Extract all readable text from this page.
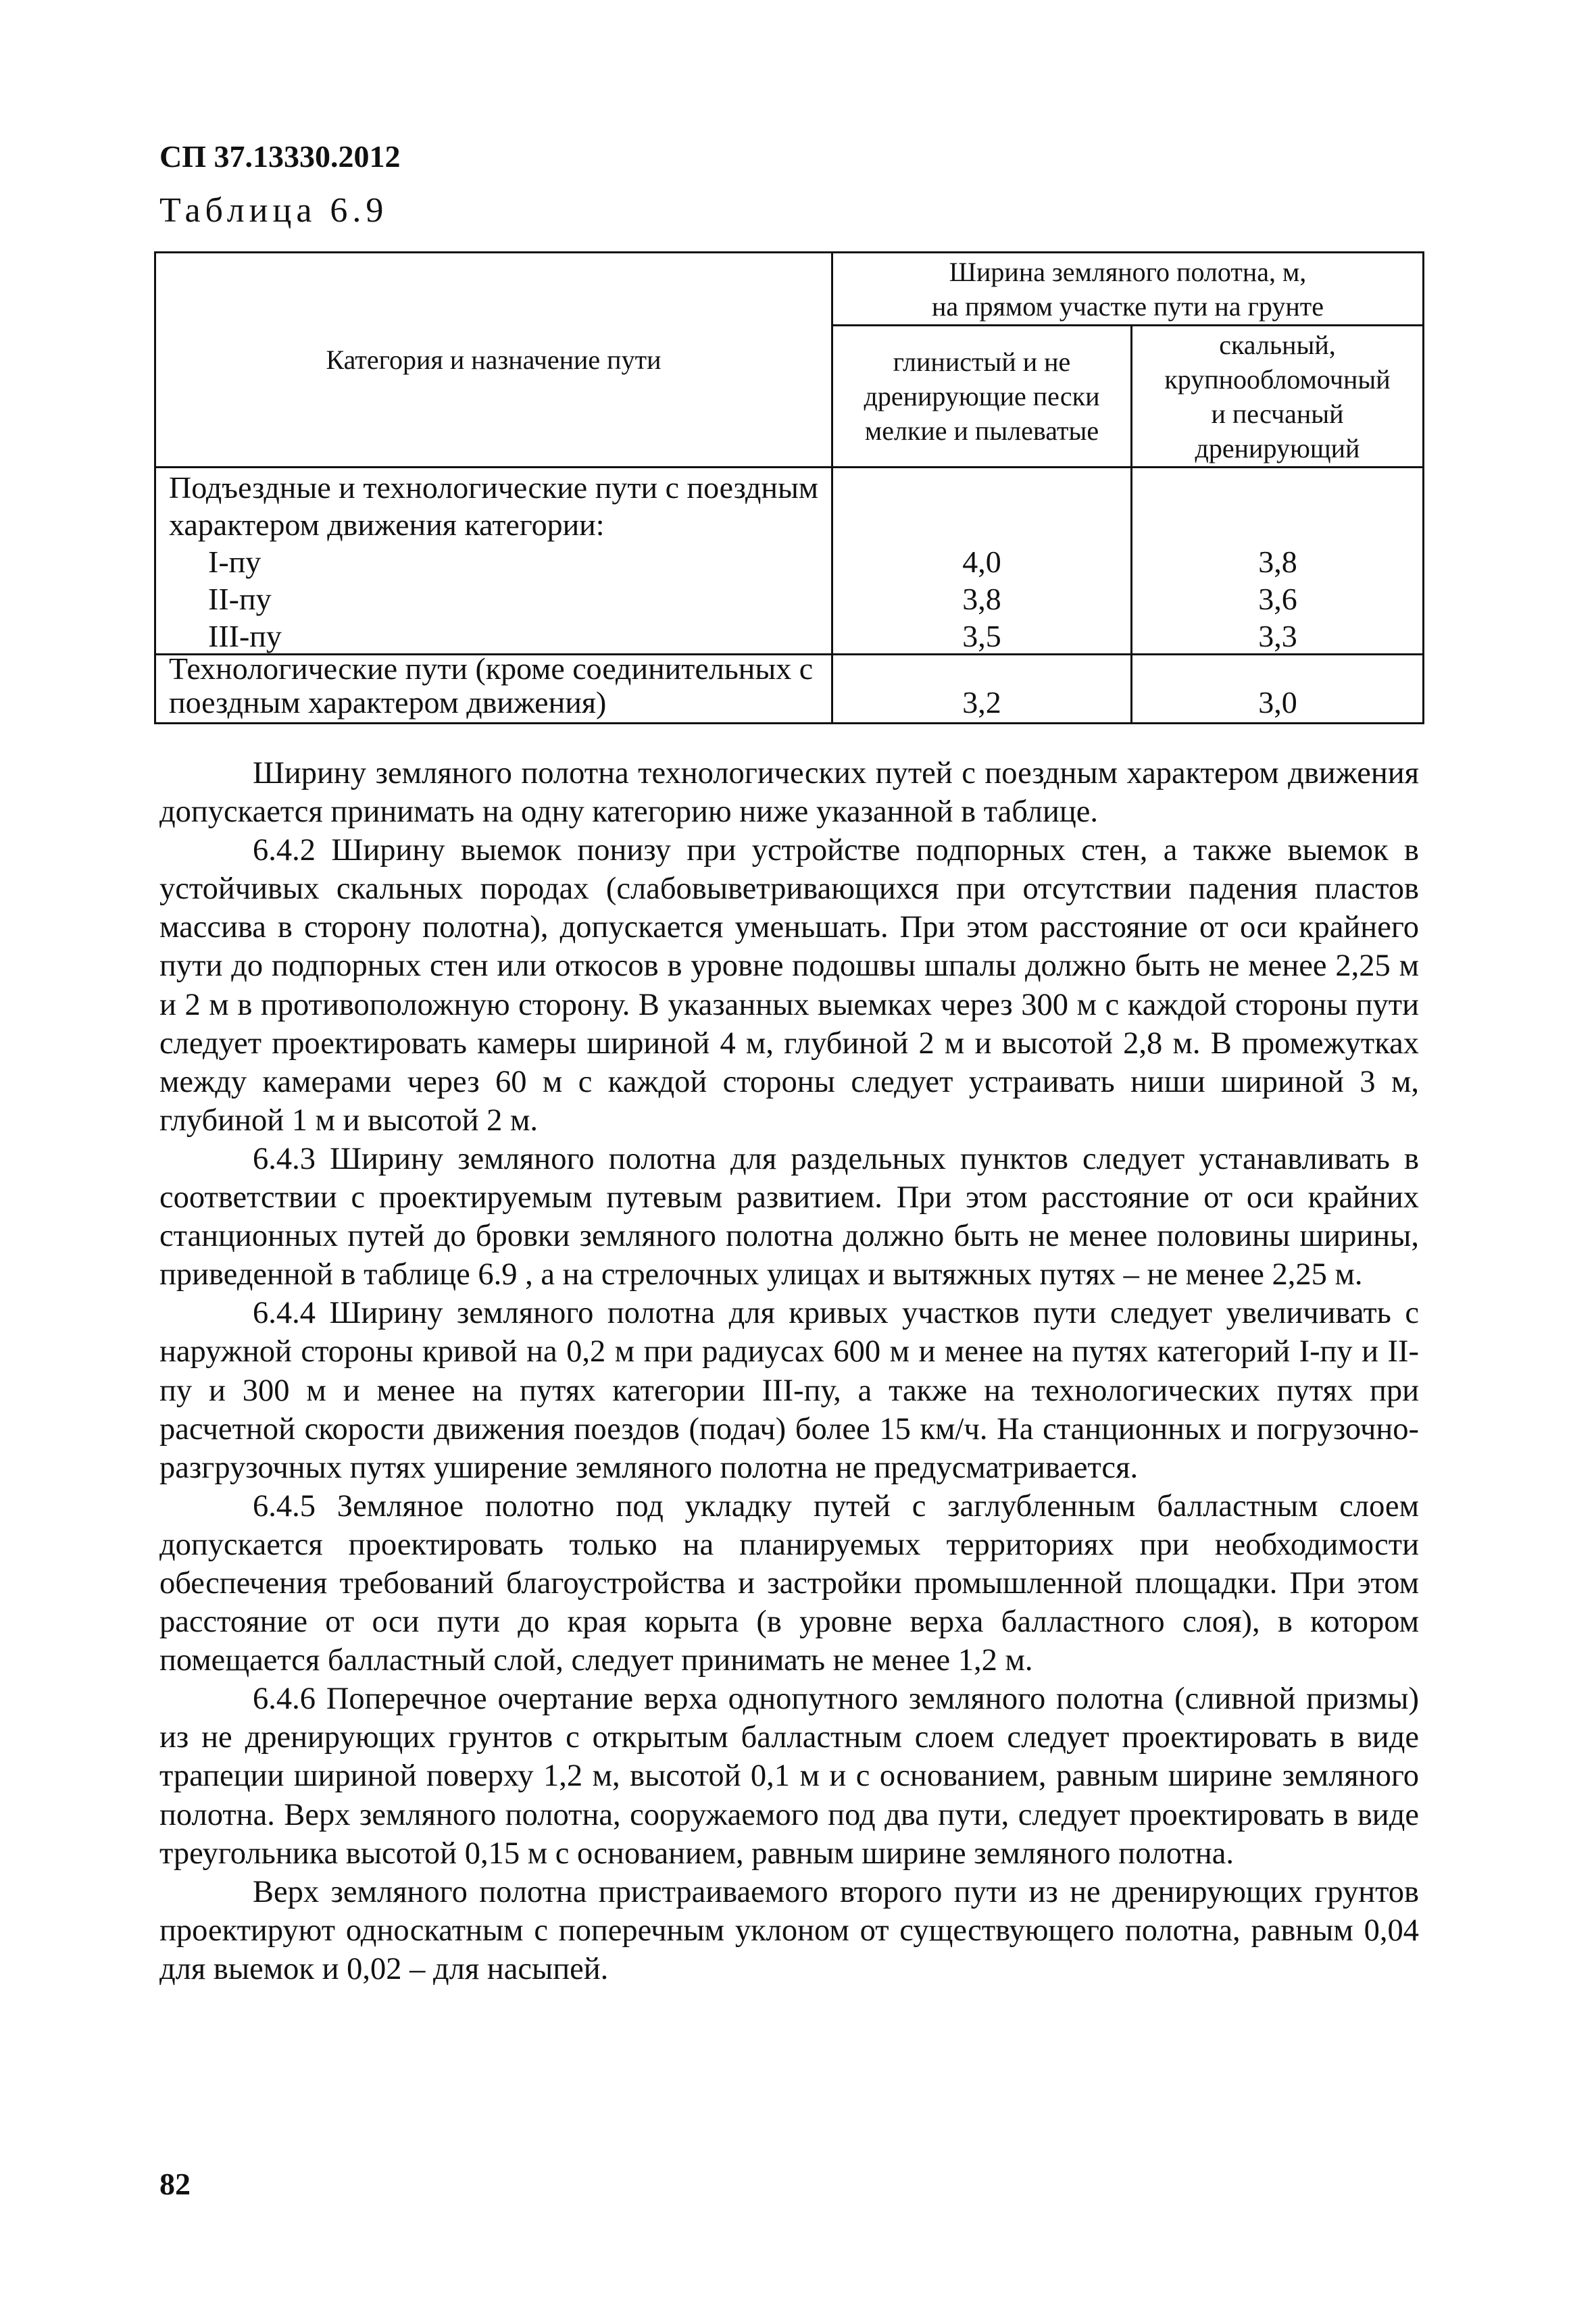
СП 37.13330.2012
Таблица 6.9
Категория и назначение пути
Ширина земляного полотна, м,
на прямом участке пути на грунте
глинистый и не
дренирующие пески
мелкие и пылеватые
скальный,
крупнообломочный
и песчаный
дренирующий
Подъездные и технологические пути с поездным
характером движения категории:
I-пу
II-пу
III-пу
4,0
3,8
3,5
3,8
3,6
3,3
Технологические пути (кроме соединительных с
поездным характером движения)	3,2	3,0

Ширину земляного полотна технологических путей с поездным характером движения допускается принимать на одну категорию ниже указанной в таблице.

6.4.2 Ширину выемок понизу при устройстве подпорных стен, а также выемок в устойчивых скальных породах (слабовыветривающихся при отсутствии падения пластов массива в сторону полотна), допускается уменьшать. При этом расстояние от оси крайнего пути до подпорных стен или откосов в уровне подошвы шпалы должно быть не менее 2,25 м и 2 м в противоположную сторону. В указанных выемках через 300 м с каждой стороны пути следует проектировать камеры шириной 4 м, глубиной 2 м и высотой 2,8 м. В промежутках между камерами через 60 м с каждой стороны следует устраивать ниши шириной 3 м, глубиной 1 м и высотой 2 м.

6.4.3 Ширину земляного полотна для раздельных пунктов следует устанавливать в соответствии с проектируемым путевым развитием. При этом расстояние от оси крайних станционных путей до бровки земляного полотна должно быть не менее половины ширины, приведенной в таблице 6.9 , а на стрелочных улицах и вытяжных путях – не менее 2,25 м.

6.4.4 Ширину земляного полотна для кривых участков пути следует увеличивать с наружной стороны кривой на 0,2 м при радиусах 600 м и менее на путях категорий I-пу и II-пу и 300 м и менее на путях категории III-пу, а также на технологических путях при расчетной скорости движения поездов (подач) более 15 км/ч. На станционных и погрузочно-разгрузочных путях уширение земляного полотна не предусматривается.

6.4.5 Земляное полотно под укладку путей с заглубленным балластным слоем допускается проектировать только на планируемых территориях при необходимости обеспечения требований благоустройства и застройки промышленной площадки. При этом расстояние от оси пути до края корыта (в уровне верха балластного слоя), в котором помещается балластный слой, следует принимать не менее 1,2 м.

6.4.6 Поперечное очертание верха однопутного земляного полотна (сливной призмы) из не дренирующих грунтов с открытым балластным слоем следует проектировать в виде трапеции шириной поверху 1,2 м, высотой 0,1 м и с основанием, равным ширине земляного полотна. Верх земляного полотна, сооружаемого под два пути, следует проектировать в виде треугольника высотой 0,15 м с основанием, равным ширине земляного полотна.

Верх земляного полотна пристраиваемого второго пути из не дренирующих грунтов проектируют односкатным с поперечным уклоном от существующего полотна, равным 0,04 для выемок и 0,02 – для насыпей.

82
